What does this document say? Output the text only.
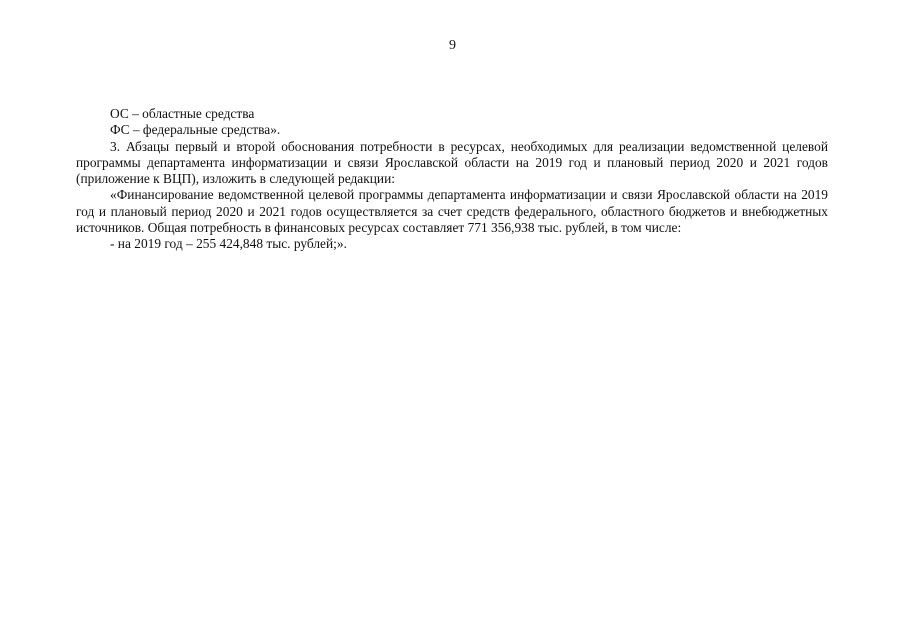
9

ОС – областные средства

ФС – федеральные средства».

3. Абзацы первый и второй обоснования потребности в ресурсах, необходимых для реализации ведомственной целевой программы департамента информатизации и связи Ярославской области на 2019 год и плановый период 2020 и 2021 годов (приложение к ВЦП), изложить в следующей редакции:

«Финансирование ведомственной целевой программы департамента информатизации и связи Ярославской области на 2019 год и плановый период 2020 и 2021 годов осуществляется за счет средств федерального, областного бюджетов и внебюджетных источников. Общая потребность в финансовых ресурсах составляет 771 356,938 тыс. рублей, в том числе:

- на 2019 год – 255 424,848 тыс. рублей;».
